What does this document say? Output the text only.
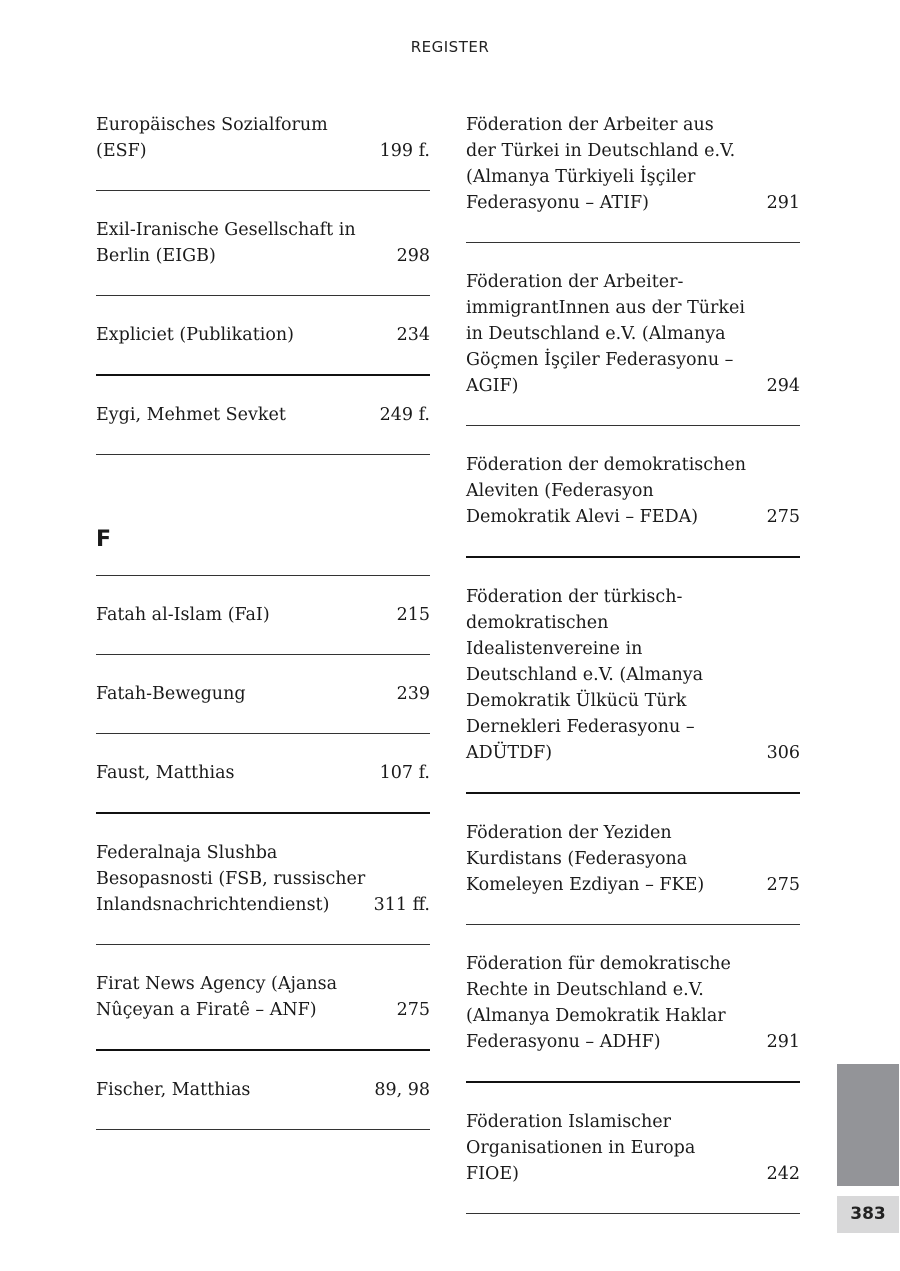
REGISTER
Europäisches Sozialforum (ESF)	199 f.
Exil-Iranische Gesellschaft in Berlin (EIGB)	298
Expliciet (Publikation)	234
Eygi, Mehmet Sevket	249 f.
F
Fatah al-Islam (FaI)	215
Fatah-Bewegung	239
Faust, Matthias	107 f.
Federalnaja Slushba Besopasnosti (FSB, russischer Inlandsnachrichtendienst)	311 ff.
Firat News Agency (Ajansa Nûçeyan a Firatê – ANF)	275
Fischer, Matthias	89, 98
Föderation der Arbeiter aus der Türkei in Deutschland e.V. (Almanya Türkiyeli İşçiler Federasyonu – ATIF)	291
Föderation der Arbeiter-immigrantInnen aus der Türkei in Deutschland e.V. (Almanya Göçmen İşçiler Federasyonu – AGIF)	294
Föderation der demokratischen Aleviten (Federasyon Demokratik Alevi – FEDA)	275
Föderation der türkisch-demokratischen Idealistenvereine in Deutschland e.V. (Almanya Demokratik Ülkücü Türk Dernekleri Federasyonu – ADÜTDF)	306
Föderation der Yeziden Kurdistans (Federasyona Komeleyen Ezdiyan – FKE)	275
Föderation für demokratische Rechte in Deutschland e.V. (Almanya Demokratik Haklar Federasyonu – ADHF)	291
Föderation Islamischer Organisationen in Europa FIOE)	242
383
